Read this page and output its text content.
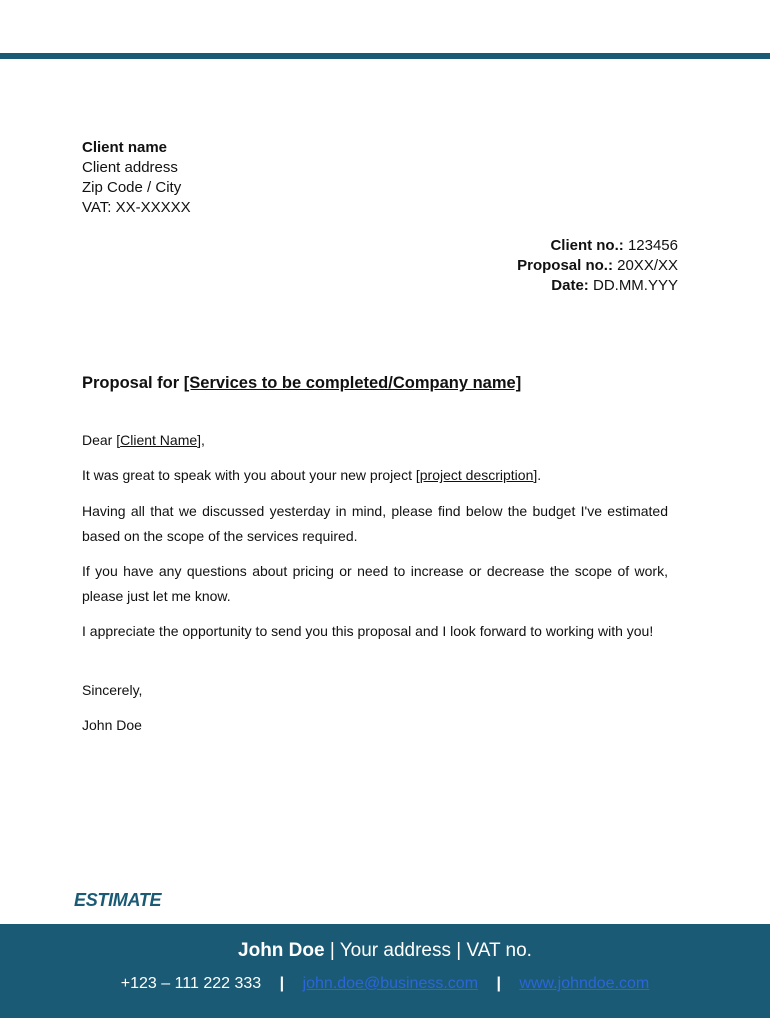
Client name
Client address
Zip Code / City
VAT: XX-XXXXX
Client no.: 123456
Proposal no.: 20XX/XX
Date: DD.MM.YYY
Proposal for [Services to be completed/Company name]
Dear [Client Name],
It was great to speak with you about your new project [project description].
Having all that we discussed yesterday in mind, please find below the budget I've estimated based on the scope of the services required.
If you have any questions about pricing or need to increase or decrease the scope of work, please just let me know.
I appreciate the opportunity to send you this proposal and I look forward to working with you!
Sincerely,
John Doe
ESTIMATE
John Doe | Your address | VAT no.
+123 – 111 222 333 | john.doe@business.com | www.johndoe.com
